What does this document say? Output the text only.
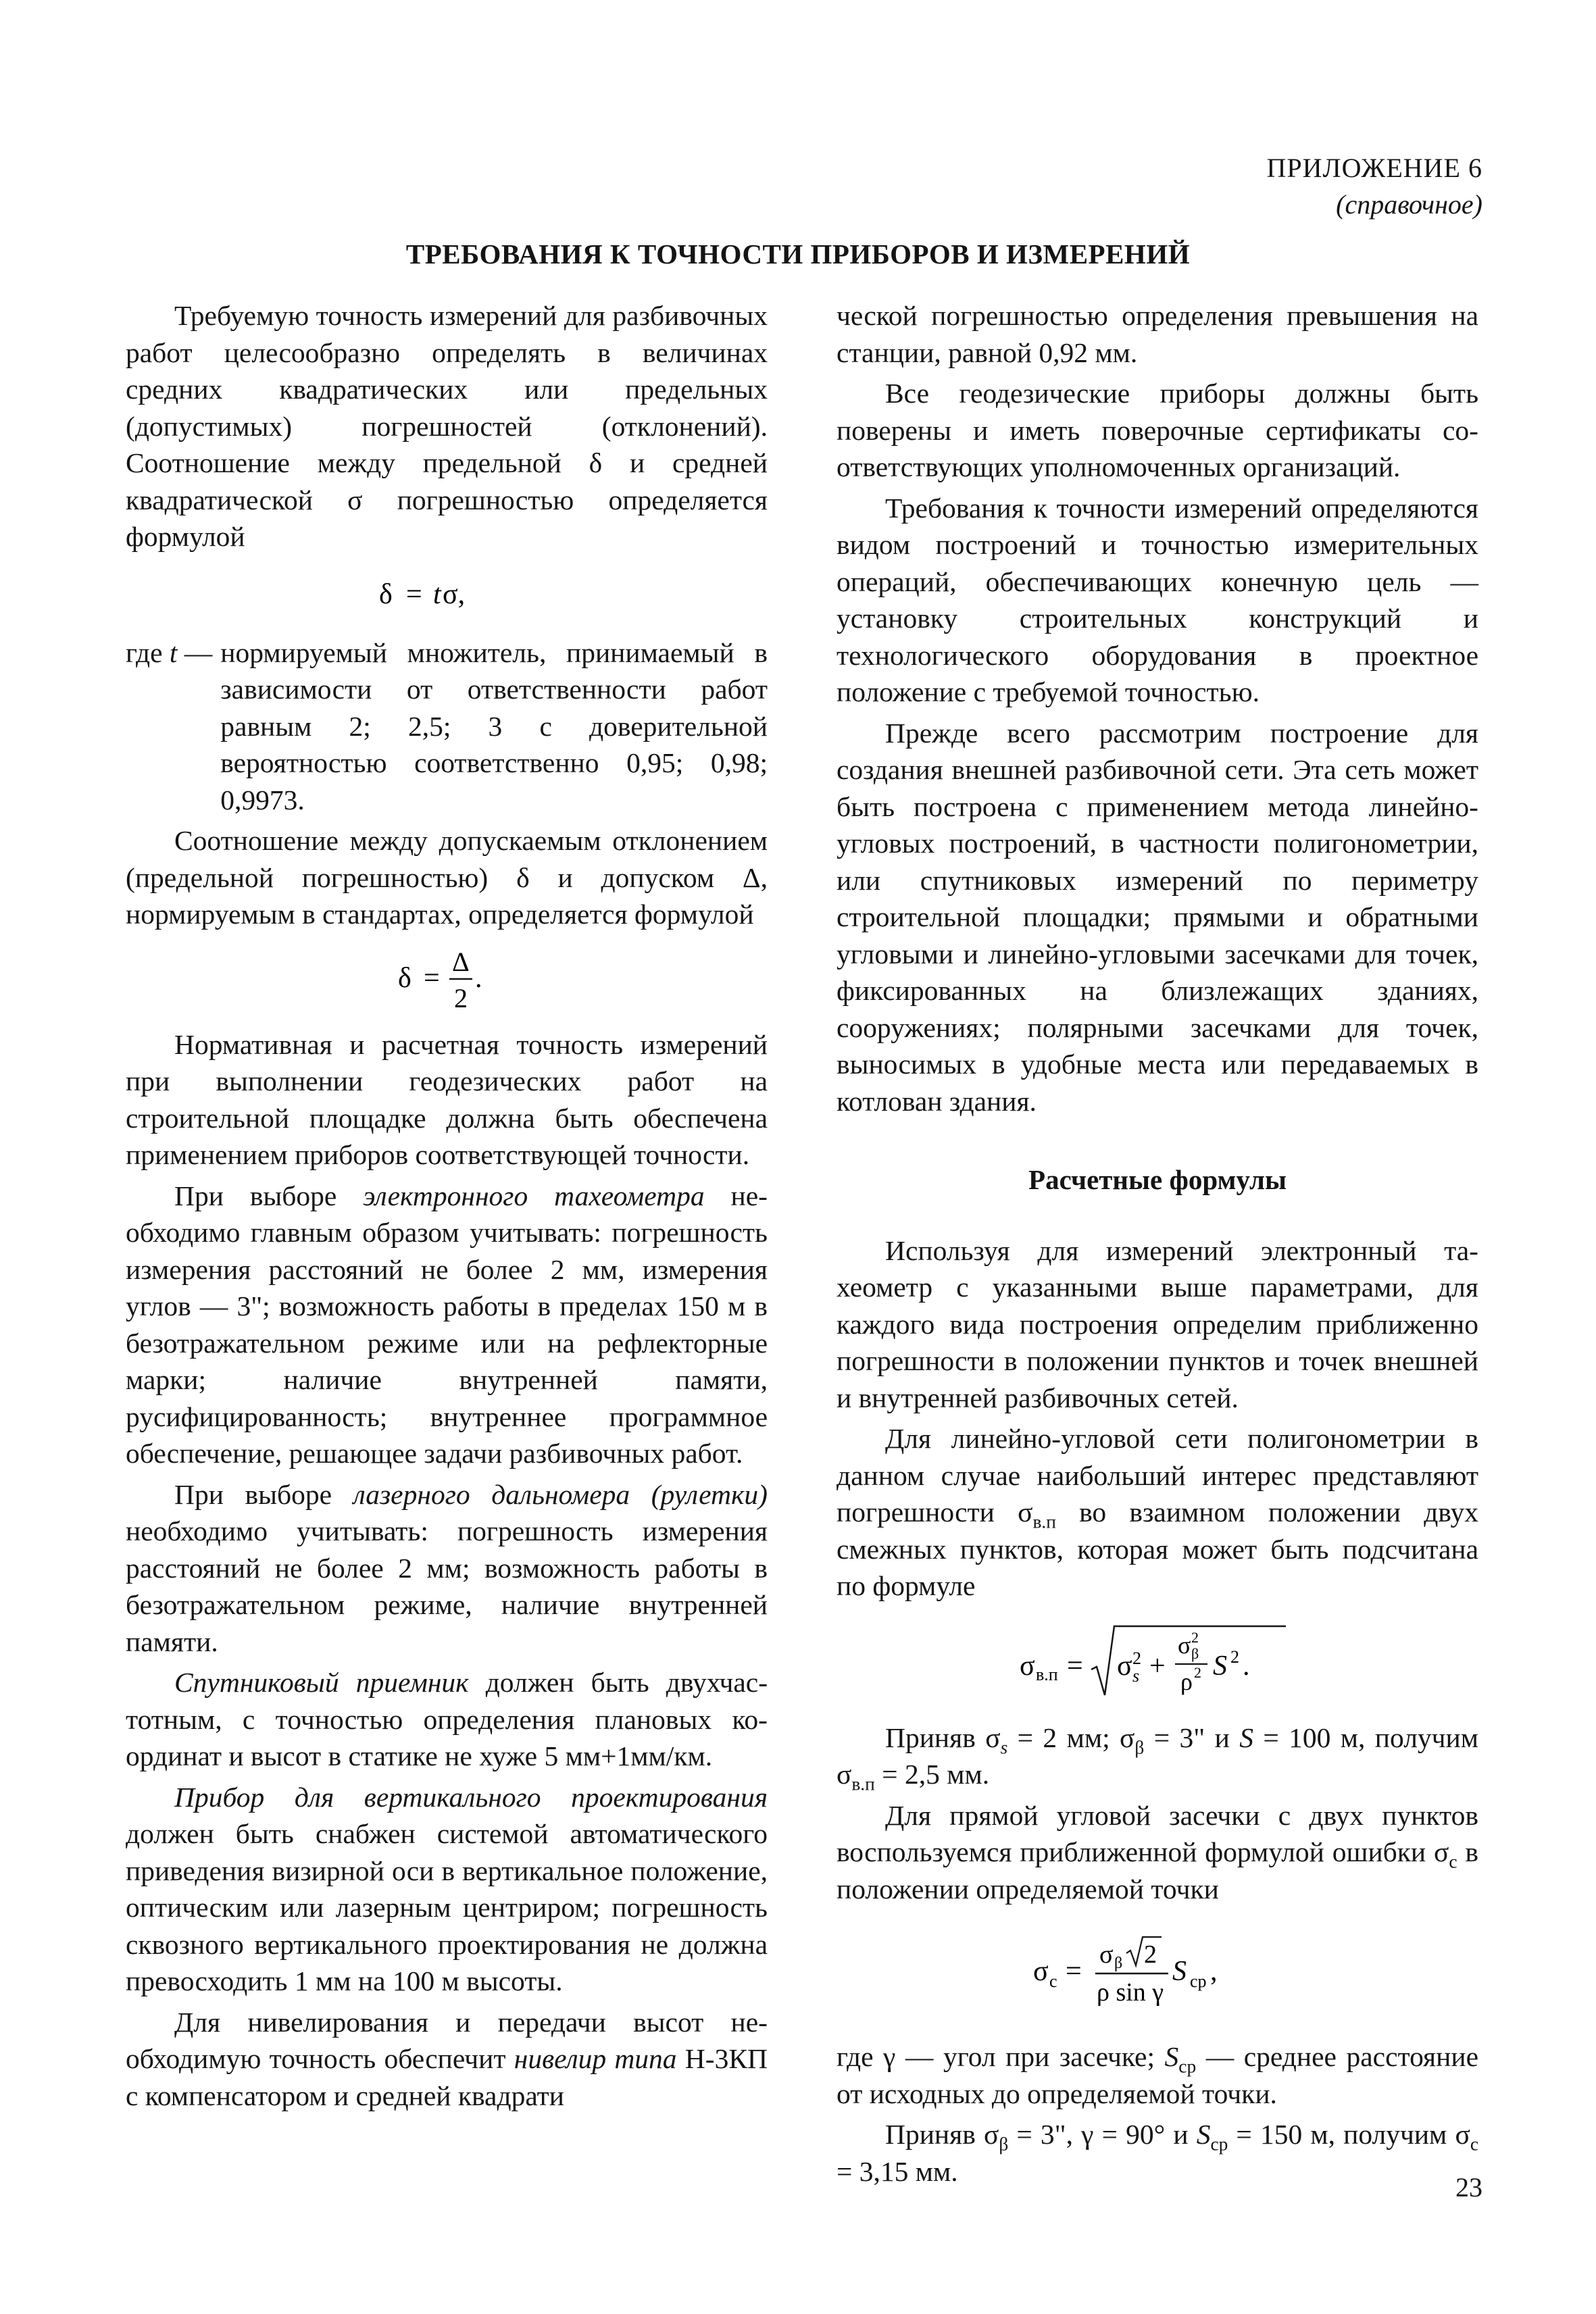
ПРИЛОЖЕНИЕ 6
(справочное)
ТРЕБОВАНИЯ К ТОЧНОСТИ ПРИБОРОВ И ИЗМЕРЕНИЙ

Требуемую точность измерений для разбивочных работ целесообразно определять в величинах средних квадратических или предельных (допустимых) погрешностей (отклонений). Соотношение между предельной δ и средней квадратической σ погрешностью определяется формулой

δ = t σ,
где t — нормируемый множитель, принимаемый в зависимости от ответственности работ равным 2; 2,5; 3 с доверительной вероятностью соответственно 0,95; 0,98; 0,9973.

Соотношение между допускаемым отклонением (предельной погрешностью) δ и допуском Δ, нормируемым в стандартах, определяется формулой

δ =
Δ
2
.

Нормативная и расчетная точность измерений при выполнении геодезических работ на строительной площадке должна быть обеспечена применением приборов соответствующей точности.

При выборе электронного тахеометра необходимо главным образом учитывать: погрешность измерения расстояний не более 2 мм, измерения углов — 3"; возможность работы в пределах 150 м в безотражательном режиме или на рефлекторные марки; наличие внутренней памяти, русифицированность; внутреннее программное обеспечение, решающее задачи разбивочных работ.

При выборе лазерного дальномера (рулетки) необходимо учитывать: погрешность измерения расстояний не более 2 мм; возможность работы в безотражательном режиме, наличие внутренней памяти.

Спутниковый приемник должен быть двухчастотным, с точностью определения плановых координат и высот в статике не хуже 5 мм+1мм/км.

Прибор для вертикального проектирования должен быть снабжен системой автоматического приведения визирной оси в вертикальное положение, оптическим или лазерным центриром; погрешность сквозного вертикального проектирования не должна превосходить 1 мм на 100 м высоты.

Для нивелирования и передачи высот необходимую точность обеспечит нивелир типа Н-3КП с компенсатором и средней квадрати

ческой погрешностью определения превышения на станции, равной 0,92 мм.

Все геодезические приборы должны быть поверены и иметь поверочные сертификаты соответствующих уполномоченных организаций.

Требования к точности измерений определяются видом построений и точностью измерительных операций, обеспечивающих конечную цель — установку строительных конструкций и технологического оборудования в проектное положение с требуемой точностью.

Прежде всего рассмотрим построение для создания внешней разбивочной сети. Эта сеть может быть построена с применением метода линейно-угловых построений, в частности полигонометрии, или спутниковых измерений по периметру строительной площадки; прямыми и обратными угловыми и линейно-угловыми засечками для точек, фиксированных на близлежащих зданиях, сооружениях; полярными засечками для точек, выносимых в удобные места или передаваемых в котлован здания.

Расчетные формулы

Используя для измерений электронный тахеометр с указанными выше параметрами, для каждого вида построения определим приближенно погрешности в положении пунктов и точек внешней и внутренней разбивочных сетей.

Для линейно-угловой сети полигонометрии в данном случае наибольший интерес представляют погрешности $\sigma_{в.п}$ во взаимном положении двух смежных пунктов, которая может быть подсчитана по формуле

σ в.п = σ 2
s +
σ 2
β
ρ 2 S 2 .

Приняв $\sigma_s = 2$ мм; $\sigma_\beta = 3$" и S = 100 м, получим $\sigma_{в.п} = 2,5$ мм.

Для прямой угловой засечки с двух пунктов воспользуемся приближенной формулой ошибки $\sigma_c$ в положении определяемой точки

σ c =
σ β 2
ρ sin γ
S ср ,

где γ — угол при засечке; $S_{ср}$ — среднее расстояние от исходных до определяемой точки.

Приняв $\sigma_\beta = 3$", γ = 90° и $S_{ср} = 150$ м, получим $\sigma_c = 3,15$ мм.

23
